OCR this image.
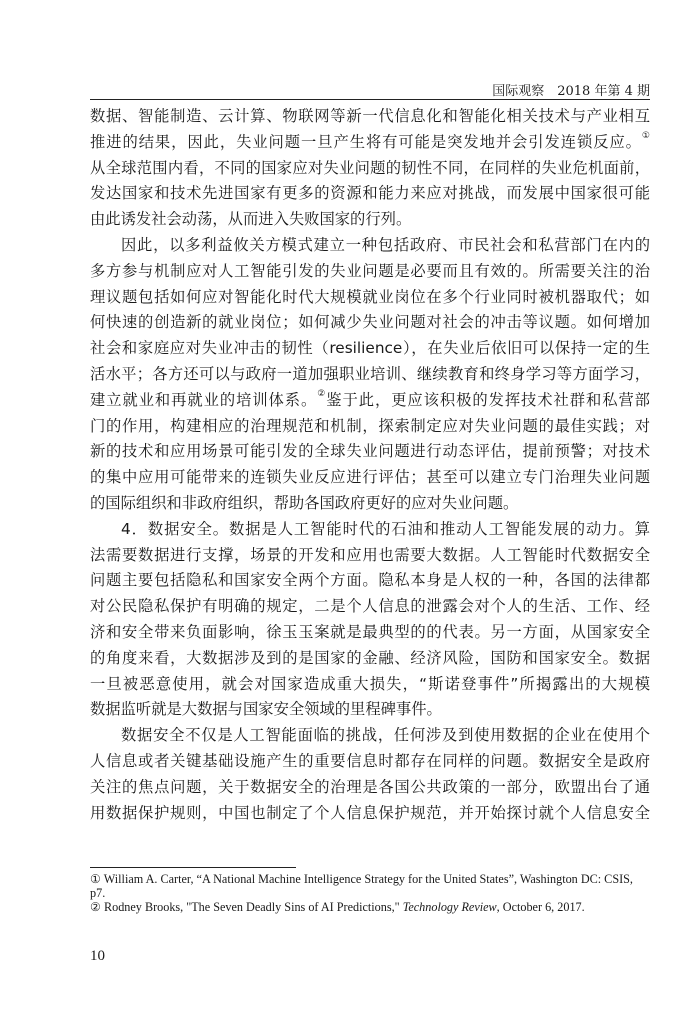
国际观察　2018 年第 4 期
数据、智能制造、云计算、物联网等新一代信息化和智能化相关技术与产业相互
推进的结果，因此，失业问题一旦产生将有可能是突发地并会引发连锁反应。①
从全球范围内看，不同的国家应对失业问题的韧性不同，在同样的失业危机面前，
发达国家和技术先进国家有更多的资源和能力来应对挑战，而发展中国家很可能
由此诱发社会动荡，从而进入失败国家的行列。
因此，以多利益攸关方模式建立一种包括政府、市民社会和私营部门在内的
多方参与机制应对人工智能引发的失业问题是必要而且有效的。所需要关注的治
理议题包括如何应对智能化时代大规模就业岗位在多个行业同时被机器取代；如
何快速的创造新的就业岗位；如何减少失业问题对社会的冲击等议题。如何增加
社会和家庭应对失业冲击的韧性（resilience），在失业后依旧可以保持一定的生
活水平；各方还可以与政府一道加强职业培训、继续教育和终身学习等方面学习，
建立就业和再就业的培训体系。②鉴于此，更应该积极的发挥技术社群和私营部
门的作用，构建相应的治理规范和机制，探索制定应对失业问题的最佳实践；对
新的技术和应用场景可能引发的全球失业问题进行动态评估，提前预警；对技术
的集中应用可能带来的连锁失业反应进行评估；甚至可以建立专门治理失业问题
的国际组织和非政府组织，帮助各国政府更好的应对失业问题。
4．数据安全。数据是人工智能时代的石油和推动人工智能发展的动力。算
法需要数据进行支撑，场景的开发和应用也需要大数据。人工智能时代数据安全
问题主要包括隐私和国家安全两个方面。隐私本身是人权的一种，各国的法律都
对公民隐私保护有明确的规定，二是个人信息的泄露会对个人的生活、工作、经
济和安全带来负面影响，徐玉玉案就是最典型的的代表。另一方面，从国家安全
的角度来看，大数据涉及到的是国家的金融、经济风险，国防和国家安全。数据
一旦被恶意使用，就会对国家造成重大损失，“斯诺登事件”所揭露出的大规模
数据监听就是大数据与国家安全领域的里程碑事件。
数据安全不仅是人工智能面临的挑战，任何涉及到使用数据的企业在使用个
人信息或者关键基础设施产生的重要信息时都存在同样的问题。数据安全是政府
关注的焦点问题，关于数据安全的治理是各国公共政策的一部分，欧盟出台了通
用数据保护规则，中国也制定了个人信息保护规范，并开始探讨就个人信息安全
① William A. Carter, “A National Machine Intelligence Strategy for the United States”, Washington DC: CSIS, p7.
② Rodney Brooks, "The Seven Deadly Sins of AI Predictions," Technology Review, October 6, 2017.
10
